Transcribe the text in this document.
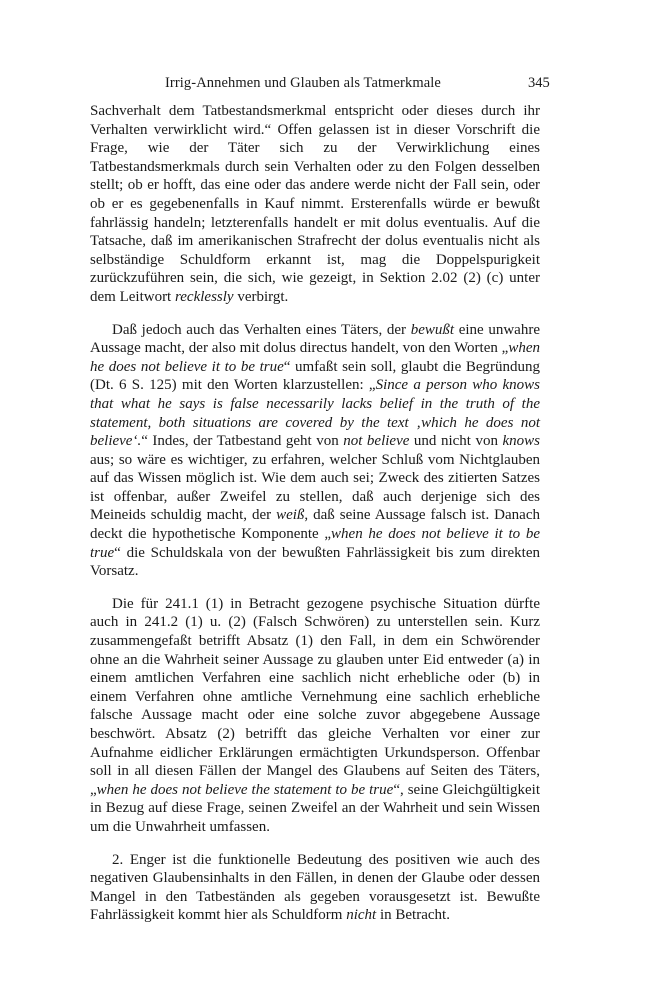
Irrig-Annehmen und Glauben als Tatmerkmale	345

Sachverhalt dem Tatbestandsmerkmal entspricht oder dieses durch ihr Verhalten verwirklicht wird.“ Offen gelassen ist in dieser Vorschrift die Frage, wie der Täter sich zu der Verwirklichung eines Tatbestandsmerkmals durch sein Verhalten oder zu den Folgen desselben stellt; ob er hofft, das eine oder das andere werde nicht der Fall sein, oder ob er es gegebenenfalls in Kauf nimmt. Ersterenfalls würde er bewußt fahrlässig handeln; letzterenfalls handelt er mit dolus eventualis. Auf die Tatsache, daß im amerikanischen Strafrecht der dolus eventualis nicht als selbständige Schuldform erkannt ist, mag die Doppelspurigkeit zurückzuführen sein, die sich, wie gezeigt, in Sektion 2.02 (2) (c) unter dem Leitwort recklessly verbirgt.

Daß jedoch auch das Verhalten eines Täters, der bewußt eine unwahre Aussage macht, der also mit dolus directus handelt, von den Worten „when he does not believe it to be true“ umfaßt sein soll, glaubt die Begründung (Dt. 6 S. 125) mit den Worten klarzustellen: „Since a person who knows that what he says is false necessarily lacks belief in the truth of the statement, both situations are covered by the text ‚which he does not believe‘.“ Indes, der Tatbestand geht von not believe und nicht von knows aus; so wäre es wichtiger, zu erfahren, welcher Schluß vom Nichtglauben auf das Wissen möglich ist. Wie dem auch sei; Zweck des zitierten Satzes ist offenbar, außer Zweifel zu stellen, daß auch derjenige sich des Meineids schuldig macht, der weiß, daß seine Aussage falsch ist. Danach deckt die hypothetische Komponente „when he does not believe it to be true“ die Schuldskala von der bewußten Fahrlässigkeit bis zum direkten Vorsatz.

Die für 241.1 (1) in Betracht gezogene psychische Situation dürfte auch in 241.2 (1) u. (2) (Falsch Schwören) zu unterstellen sein. Kurz zusammengefaßt betrifft Absatz (1) den Fall, in dem ein Schwörender ohne an die Wahrheit seiner Aussage zu glauben unter Eid entweder (a) in einem amtlichen Verfahren eine sachlich nicht erhebliche oder (b) in einem Verfahren ohne amtliche Vernehmung eine sachlich erhebliche falsche Aussage macht oder eine solche zuvor abgegebene Aussage beschwört. Absatz (2) betrifft das gleiche Verhalten vor einer zur Aufnahme eidlicher Erklärungen ermächtigten Urkundsperson. Offenbar soll in all diesen Fällen der Mangel des Glaubens auf Seiten des Täters, „when he does not believe the statement to be true“, seine Gleichgültigkeit in Bezug auf diese Frage, seinen Zweifel an der Wahrheit und sein Wissen um die Unwahrheit umfassen.

2. Enger ist die funktionelle Bedeutung des positiven wie auch des negativen Glaubensinhalts in den Fällen, in denen der Glaube oder dessen Mangel in den Tatbeständen als gegeben vorausgesetzt ist. Bewußte Fahrlässigkeit kommt hier als Schuldform nicht in Betracht.
